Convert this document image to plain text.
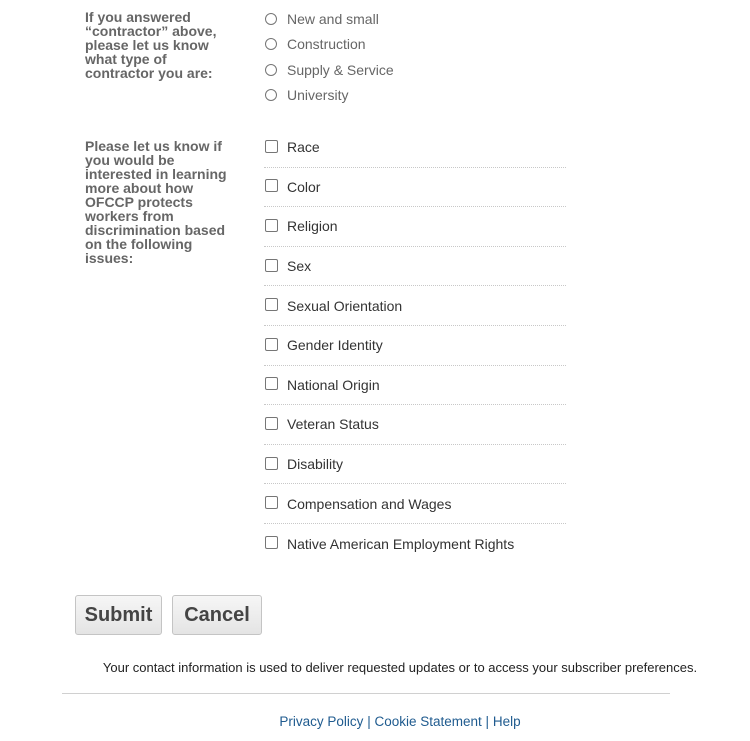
If you answered “contractor” above, please let us know what type of contractor you are:

New and small
Construction
Supply & Service
University

Please let us know if you would be interested in learning more about how OFCCP protects workers from discrimination based on the following issues:

Race
Color
Religion
Sex
Sexual Orientation
Gender Identity
National Origin
Veteran Status
Disability
Compensation and Wages
Native American Employment Rights
Submit	Cancel
Your contact information is used to deliver requested updates or to access your subscriber preferences.
Privacy Policy | Cookie Statement | Help
